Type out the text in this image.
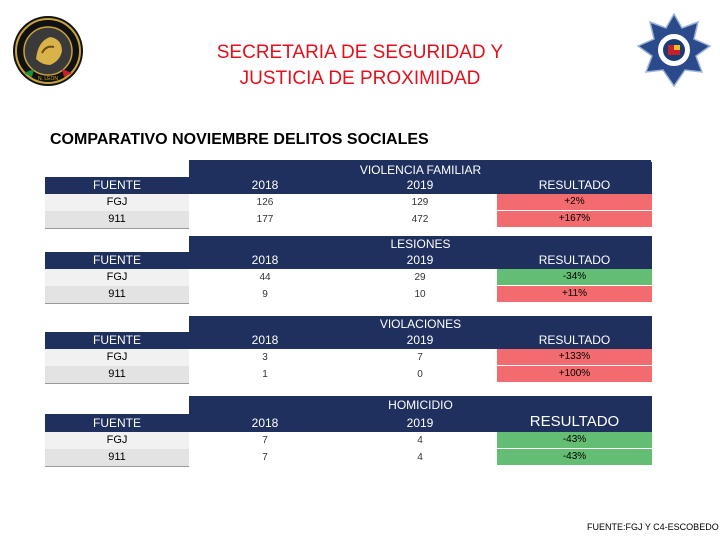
N. LEON
SECRETARIA DE SEGURIDAD Y
JUSTICIA DE PROXIMIDAD
COMPARATIVO NOVIEMBRE DELITOS SOCIALES
VIOLENCIA FAMILIAR
FUENTE	2018	2019	RESULTADO
FGJ	126	129	+2%
911	177	472	+167%
LESIONES
FUENTE	2018	2019	RESULTADO
FGJ	44	29	-34%
911	9	10	+11%
VIOLACIONES
FUENTE	2018	2019	RESULTADO
FGJ	3	7	+133%
911	1	0	+100%
HOMICIDIO
FUENTE	2018	2019	RESULTADO
FGJ	7	4	-43%
911	7	4	-43%
FUENTE:FGJ Y C4-ESCOBEDO
